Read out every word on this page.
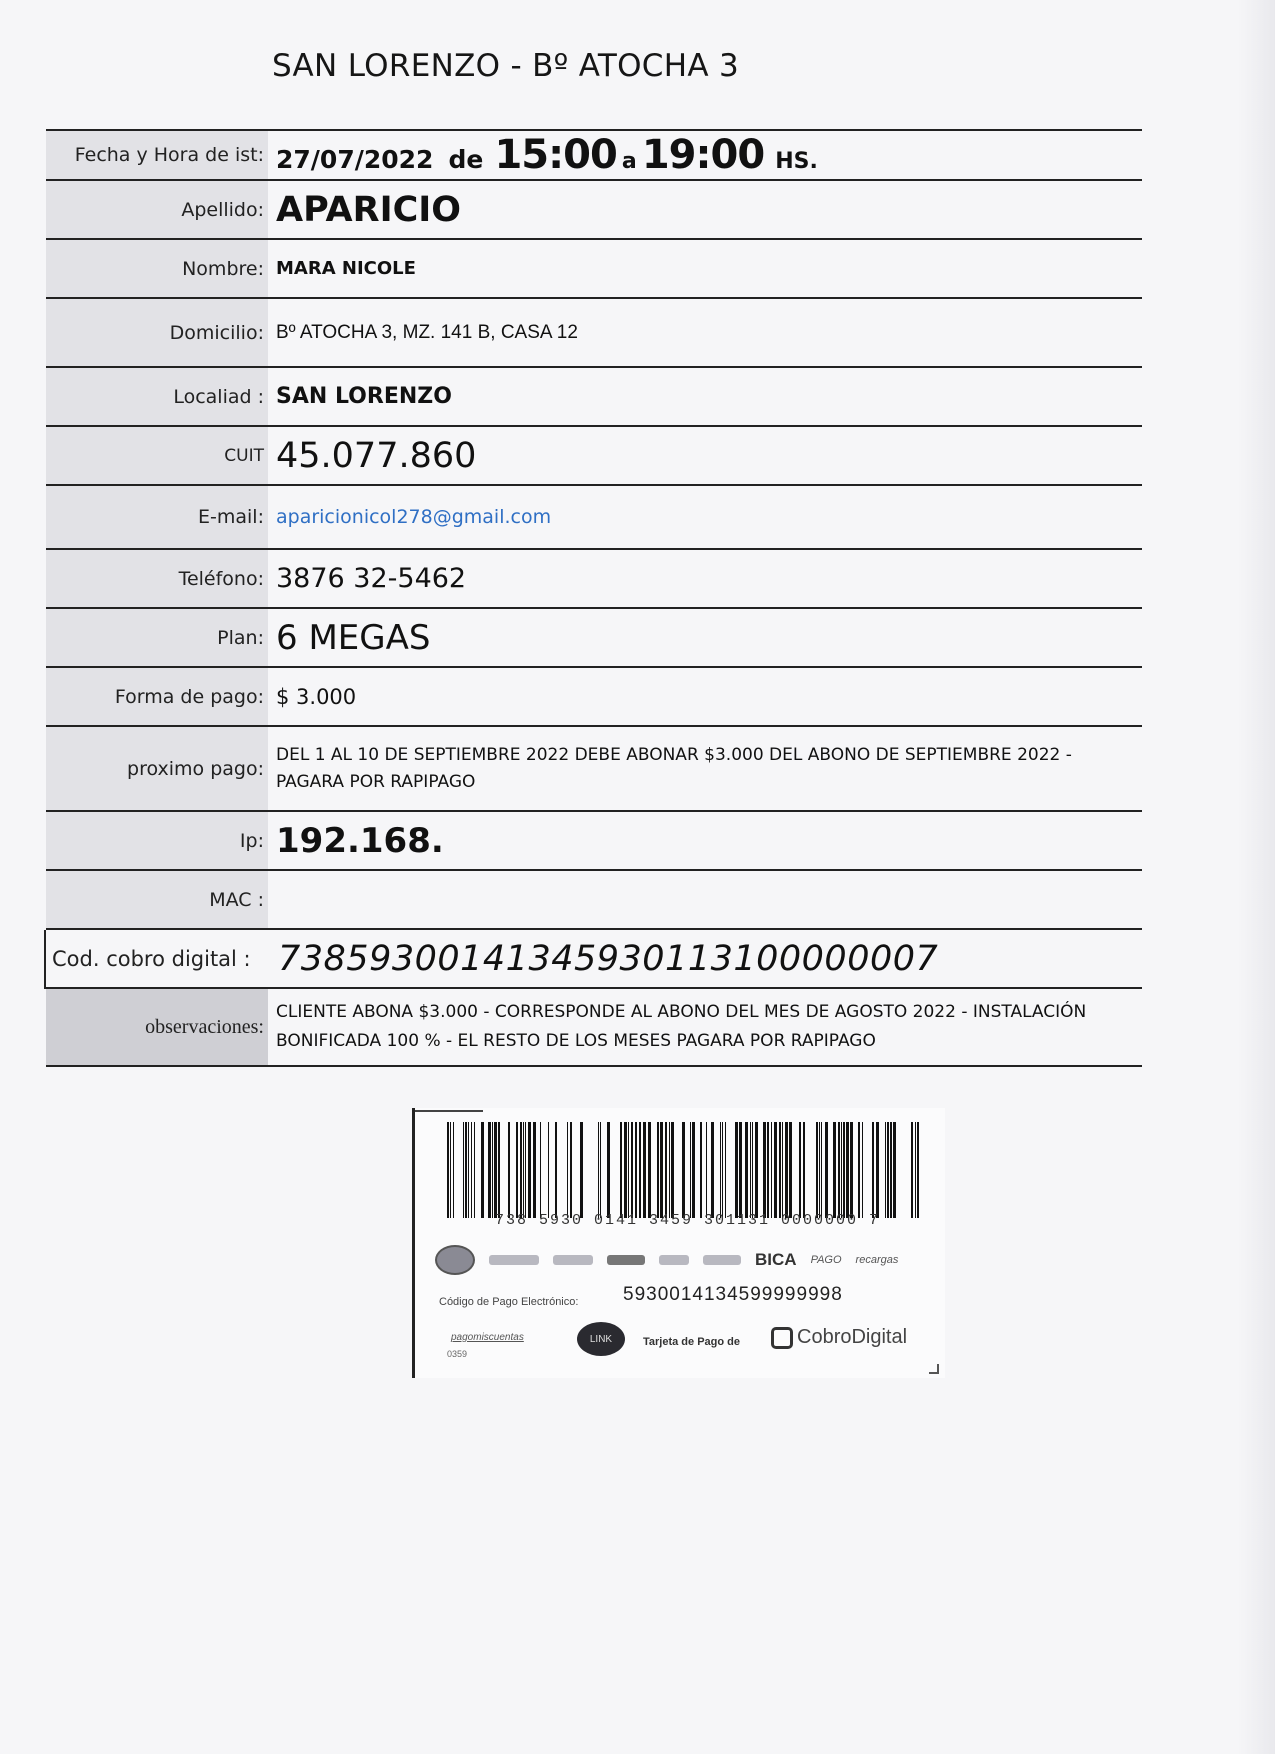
SAN LORENZO - Bº ATOCHA 3
Fecha y Hora de ist: 27/07/2022 de 15:00 a 19:00 HS.
Apellido: APARICIO
Nombre: MARA NICOLE
Domicilio: Bº ATOCHA 3, MZ. 141 B, CASA 12
Localiad : SAN LORENZO
CUIT 45.077.860
E-mail: aparicionicol278@gmail.com
Teléfono: 3876 32-5462
Plan: 6 MEGAS
Forma de pago: $ 3.000
proximo pago:
DEL 1 AL 10 DE SEPTIEMBRE 2022 DEBE ABONAR $3.000 DEL ABONO DE SEPTIEMBRE 2022 - PAGARA POR RAPIPAGO
Ip: 192.168.
MAC :
Cod. cobro digital : 7385930014134593011310000000​7
observaciones:
CLIENTE ABONA $3.000 - CORRESPONDE AL ABONO DEL MES DE AGOSTO 2022 - INSTALACIÓN BONIFICADA 100 % - EL RESTO DE LOS MESES PAGARA POR RAPIPAGO
738 5930 0141 3459 301131 0000000 7
BICA PAGO recargas
Código de Pago Electrónico: 5930014134599999998
pagomiscuentas
0359
LINK	Tarjeta de Pago de	CobroDigital
